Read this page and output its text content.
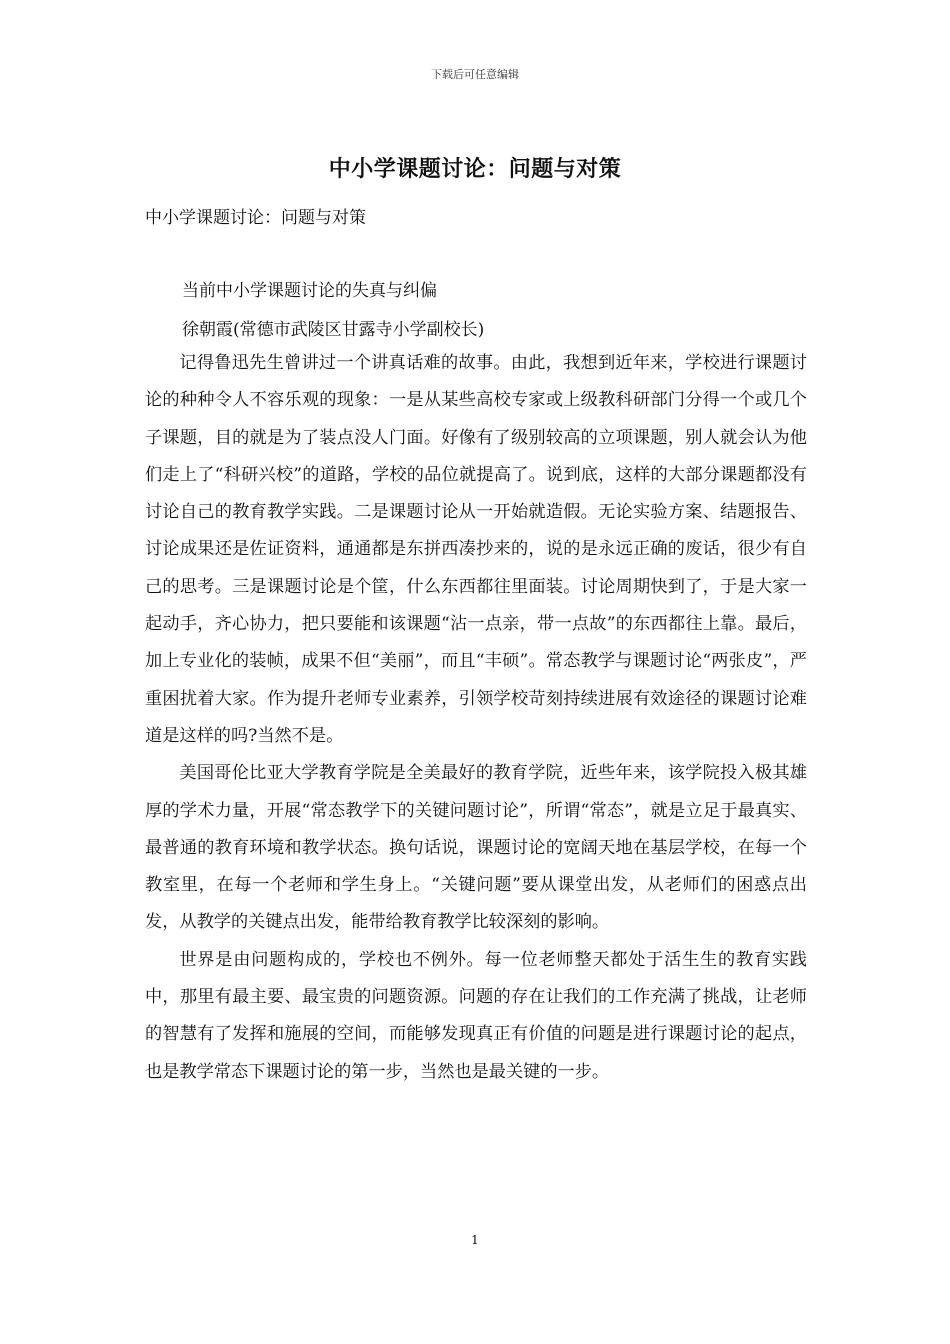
下载后可任意编辑
中小学课题讨论：问题与对策
中小学课题讨论：问题与对策
当前中小学课题讨论的失真与纠偏
徐朝霞(常德市武陵区甘露寺小学副校长)

记得鲁迅先生曾讲过一个讲真话难的故事。由此，我想到近年来，学校进行课题讨论的种种令人不容乐观的现象：一是从某些高校专家或上级教科研部门分得一个或几个子课题，目的就是为了装点没人门面。好像有了级别较高的立项课题，别人就会认为他们走上了“科研兴校”的道路，学校的品位就提高了。说到底，这样的大部分课题都没有讨论自己的教育教学实践。二是课题讨论从一开始就造假。无论实验方案、结题报告、讨论成果还是佐证资料，通通都是东拼西凑抄来的，说的是永远正确的废话，很少有自己的思考。三是课题讨论是个筐，什么东西都往里面装。讨论周期快到了，于是大家一起动手，齐心协力，把只要能和该课题“沾一点亲，带一点故”的东西都往上靠。最后，加上专业化的装帧，成果不但“美丽”，而且“丰硕”。常态教学与课题讨论“两张皮”，严重困扰着大家。作为提升老师专业素养，引领学校苛刻持续进展有效途径的课题讨论难道是这样的吗?当然不是。

美国哥伦比亚大学教育学院是全美最好的教育学院，近些年来，该学院投入极其雄厚的学术力量，开展“常态教学下的关键问题讨论”，所谓“常态”，就是立足于最真实、最普通的教育环境和教学状态。换句话说，课题讨论的宽阔天地在基层学校，在每一个教室里，在每一个老师和学生身上。“关键问题”要从课堂出发，从老师们的困惑点出发，从教学的关键点出发，能带给教育教学比较深刻的影响。

世界是由问题构成的，学校也不例外。每一位老师整天都处于活生生的教育实践中，那里有最主要、最宝贵的问题资源。问题的存在让我们的工作充满了挑战，让老师的智慧有了发挥和施展的空间，而能够发现真正有价值的问题是进行课题讨论的起点，也是教学常态下课题讨论的第一步，当然也是最关键的一步。

1
